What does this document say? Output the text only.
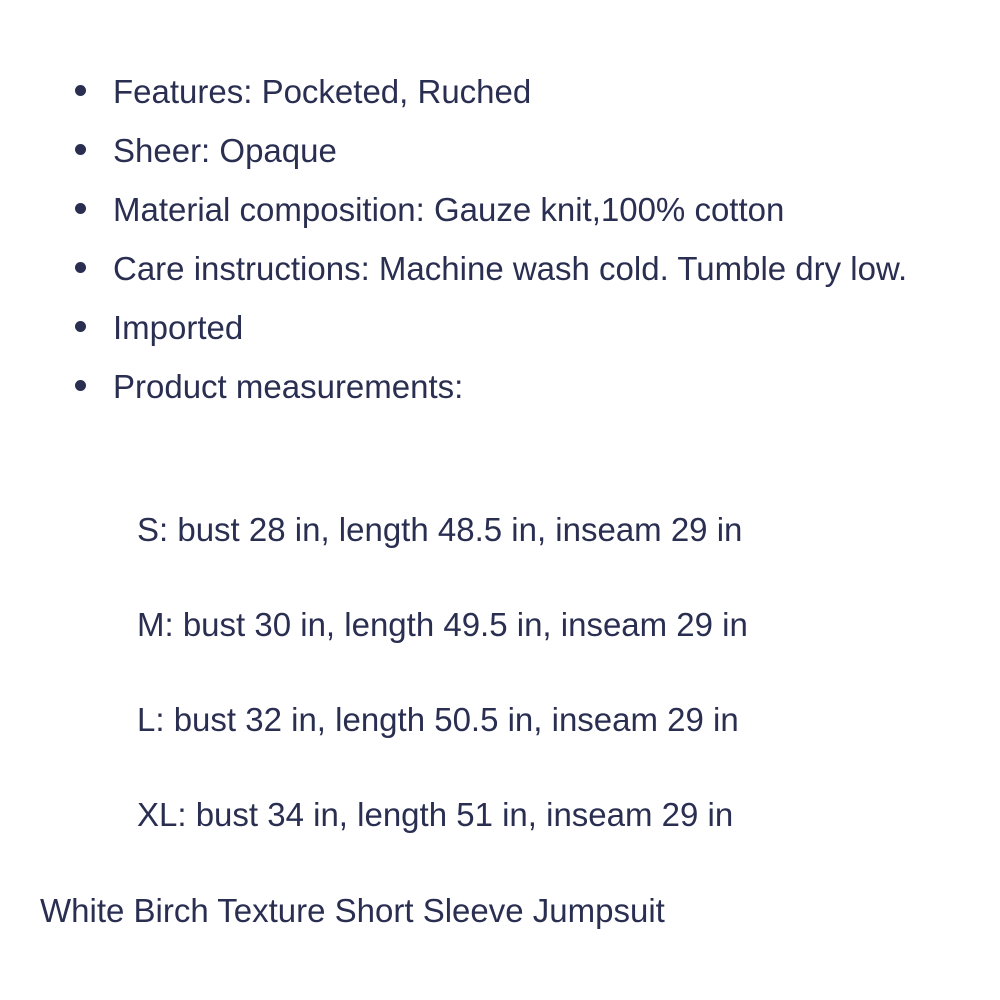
Features: Pocketed, Ruched
Sheer: Opaque
Material composition: Gauze knit,100% cotton
Care instructions: Machine wash cold. Tumble dry low.
Imported
Product measurements:
S: bust 28 in, length 48.5 in, inseam 29 in
M: bust 30 in, length 49.5 in, inseam 29 in
L: bust 32 in, length 50.5 in, inseam 29 in
XL: bust 34 in, length 51 in, inseam 29 in
White Birch Texture Short Sleeve Jumpsuit
